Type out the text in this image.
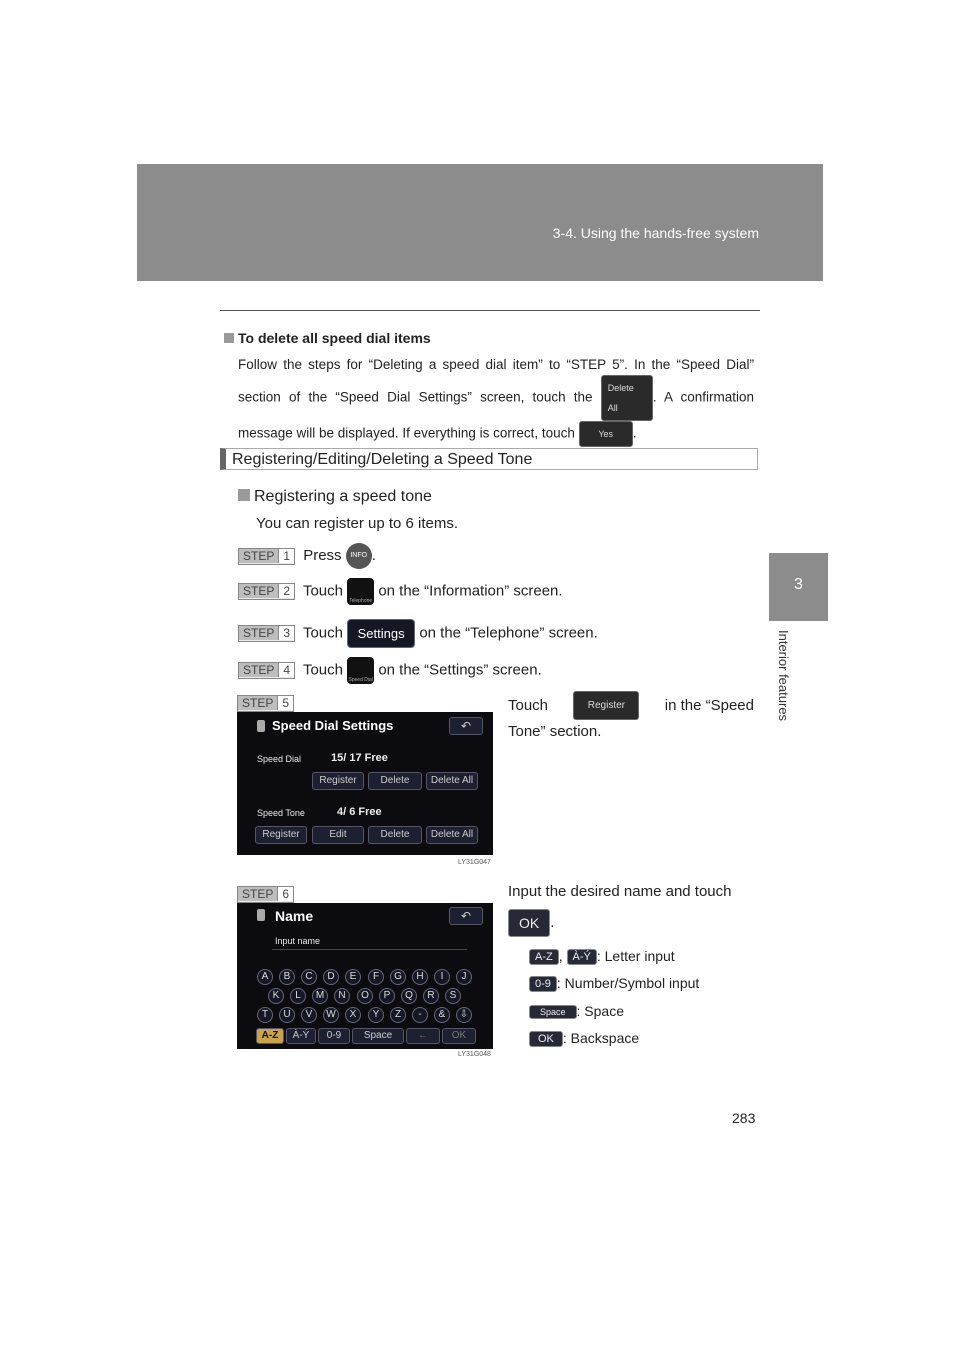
3-4. Using the hands-free system
3
Interior features
To delete all speed dial items
Follow the steps for “Deleting a speed dial item” to “STEP 5”. In the “Speed Dial” section of the “Speed Dial Settings” screen, touch the Delete All. A confirmation message will be displayed. If everything is correct, touch	Yes .
Registering/Editing/Deleting a Speed Tone
Registering a speed tone
You can register up to 6 items.
STEP 1 Press INFO .
STEP 2 Touch Telephone on the “Information” screen.
STEP 3 Touch Settings on the “Telephone” screen.
STEP 4 Touch Speed Dial on the “Settings” screen.
STEP 5
Speed Dial Settings	↶
Speed Dial	15/ 17 Free
Register	Delete	Delete All
Speed Tone	4/ 6 Free
Register	Edit	Delete	Delete All
LY31G047
Touch	Register	in the “Speed
Tone” section.
STEP 6
Name	↶
Input name
A	B	C	D	E	F	G	H	I	J
K	L	M	N	O	P	Q	R	S
T	U	V	W	X	Y	Z	-	&	⇩
A-Z	À-Ý	0-9	Space	←	OK
LY31G048
Input the desired name and touch
OK .
A-Z , À-Ý : Letter input
0-9 : Number/Symbol input
Space : Space
OK : Backspace
283
